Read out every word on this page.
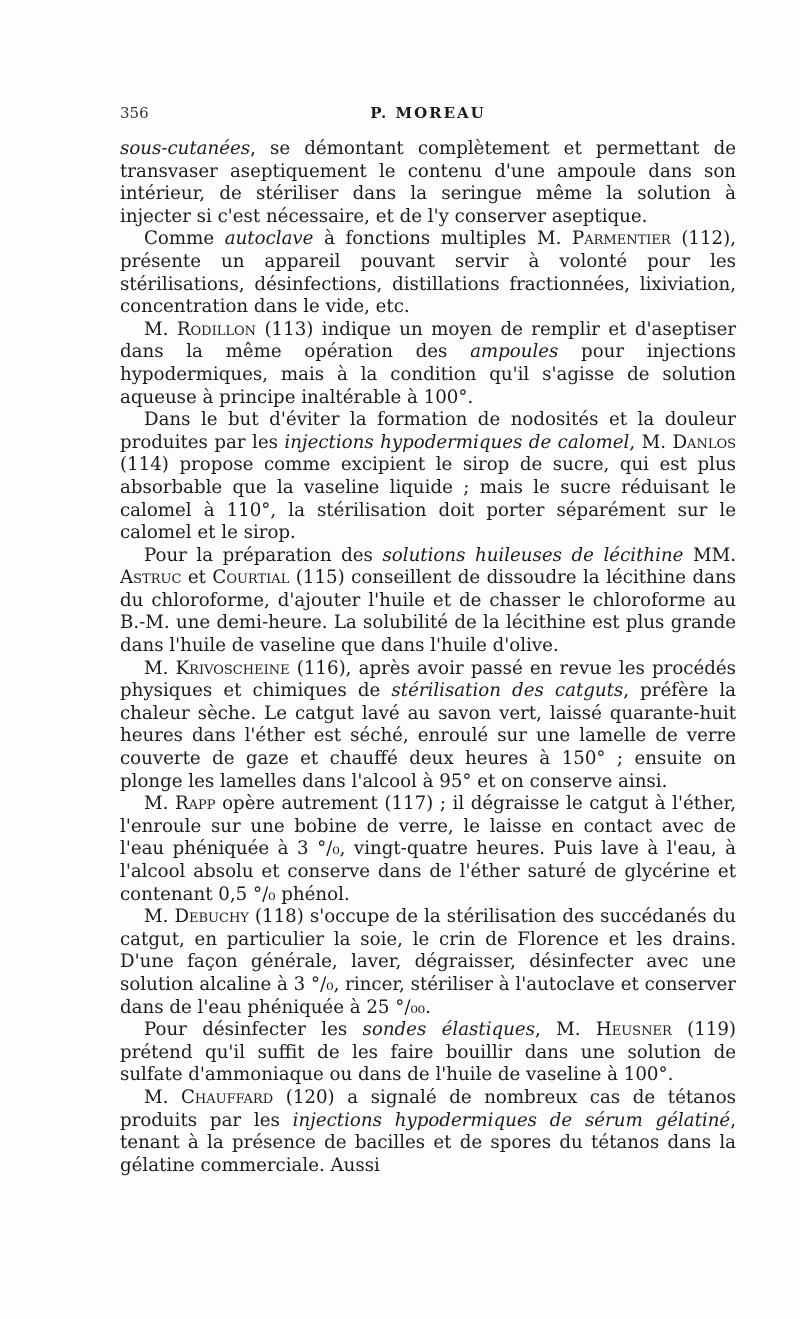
356	P. MOREAU

sous-cutanées, se démontant complètement et permettant de transvaser aseptiquement le contenu d'une ampoule dans son intérieur, de stériliser dans la seringue même la solution à injecter si c'est nécessaire, et de l'y conserver aseptique.

Comme autoclave à fonctions multiples M. Parmentier (112), présente un appareil pouvant servir à volonté pour les stérilisations, désinfections, distillations fractionnées, lixiviation, concentration dans le vide, etc.

M. Rodillon (113) indique un moyen de remplir et d'aseptiser dans la même opération des ampoules pour injections hypodermiques, mais à la condition qu'il s'agisse de solution aqueuse à principe inaltérable à 100°.

Dans le but d'éviter la formation de nodosités et la douleur produites par les injections hypodermiques de calomel, M. Danlos (114) propose comme excipient le sirop de sucre, qui est plus absorbable que la vaseline liquide ; mais le sucre réduisant le calomel à 110°, la stérilisation doit porter séparément sur le calomel et le sirop.

Pour la préparation des solutions huileuses de lécithine MM. Astruc et Courtial (115) conseillent de dissoudre la lécithine dans du chloroforme, d'ajouter l'huile et de chasser le chloroforme au B.-M. une demi-heure. La solubilité de la lécithine est plus grande dans l'huile de vaseline que dans l'huile d'olive.

M. Krivoschеine (116), après avoir passé en revue les procédés physiques et chimiques de stérilisation des catguts, préfère la chaleur sèche. Le catgut lavé au savon vert, laissé quarante-huit heures dans l'éther est séché, enroulé sur une lamelle de verre couverte de gaze et chauffé deux heures à 150° ; ensuite on plonge les lamelles dans l'alcool à 95° et on conserve ainsi.

M. Rapp opère autrement (117) ; il dégraisse le catgut à l'éther, l'enroule sur une bobine de verre, le laisse en contact avec de l'eau phéniquée à 3 °/₀, vingt-quatre heures. Puis lave à l'eau, à l'alcool absolu et conserve dans de l'éther saturé de glycérine et contenant 0,5 °/₀ phénol.

M. Debuchy (118) s'occupe de la stérilisation des succédanés du catgut, en particulier la soie, le crin de Florence et les drains. D'une façon générale, laver, dégraisser, désinfecter avec une solution alcaline à 3 °/₀, rincer, stériliser à l'autoclave et conserver dans de l'eau phéniquée à 25 °/₀₀.

Pour désinfecter les sondes élastiques, M. Heusner (119) prétend qu'il suffit de les faire bouillir dans une solution de sulfate d'ammoniaque ou dans de l'huile de vaseline à 100°.

M. Chauffard (120) a signalé de nombreux cas de tétanos produits par les injections hypodermiques de sérum gélatiné, tenant à la présence de bacilles et de spores du tétanos dans la gélatine commerciale. Aussi
